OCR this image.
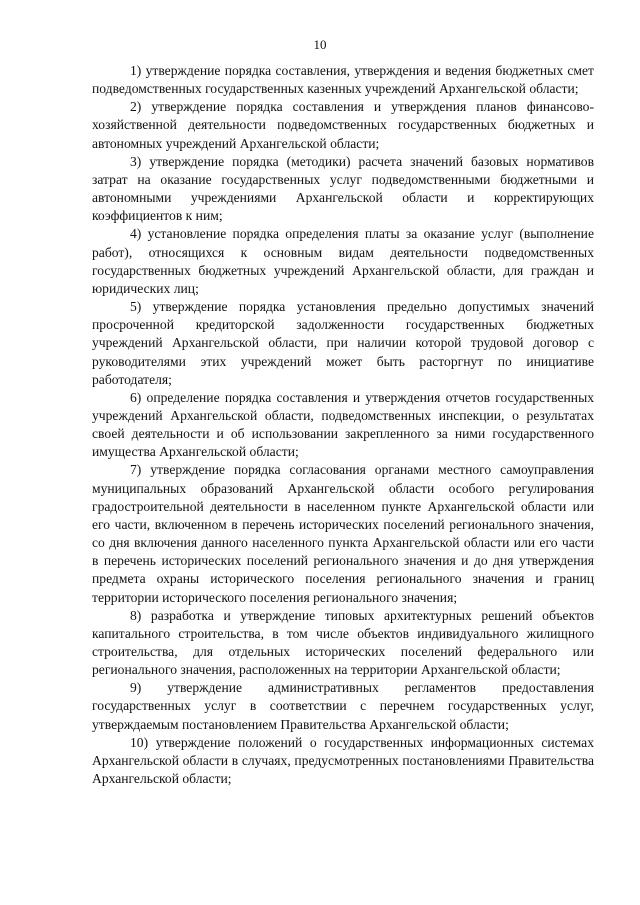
10

1) утверждение порядка составления, утверждения и ведения бюджетных смет подведомственных государственных казенных учреждений Архангельской области;

2) утверждение порядка составления и утверждения планов финансово-хозяйственной деятельности подведомственных государственных бюджетных и автономных учреждений Архангельской области;

3) утверждение порядка (методики) расчета значений базовых нормативов затрат на оказание государственных услуг подведомственными бюджетными и автономными учреждениями Архангельской области и корректирующих коэффициентов к ним;

4) установление порядка определения платы за оказание услуг (выполнение работ), относящихся к основным видам деятельности подведомственных государственных бюджетных учреждений Архангельской области, для граждан и юридических лиц;

5) утверждение порядка установления предельно допустимых значений просроченной кредиторской задолженности государственных бюджетных учреждений Архангельской области, при наличии которой трудовой договор с руководителями этих учреждений может быть расторгнут по инициативе работодателя;

6) определение порядка составления и утверждения отчетов государственных учреждений Архангельской области, подведомственных инспекции, о результатах своей деятельности и об использовании закрепленного за ними государственного имущества Архангельской области;

7) утверждение порядка согласования органами местного самоуправления муниципальных образований Архангельской области особого регулирования градостроительной деятельности в населенном пункте Архангельской области или его части, включенном в перечень исторических поселений регионального значения, со дня включения данного населенного пункта Архангельской области или его части в перечень исторических поселений регионального значения и до дня утверждения предмета охраны исторического поселения регионального значения и границ территории исторического поселения регионального значения;

8) разработка и утверждение типовых архитектурных решений объектов капитального строительства, в том числе объектов индивидуального жилищного строительства, для отдельных исторических поселений федерального или регионального значения, расположенных на территории Архангельской области;

9) утверждение административных регламентов предоставления государственных услуг в соответствии с перечнем государственных услуг, утверждаемым постановлением Правительства Архангельской области;

10) утверждение положений о государственных информационных системах Архангельской области в случаях, предусмотренных постановлениями Правительства Архангельской области;
